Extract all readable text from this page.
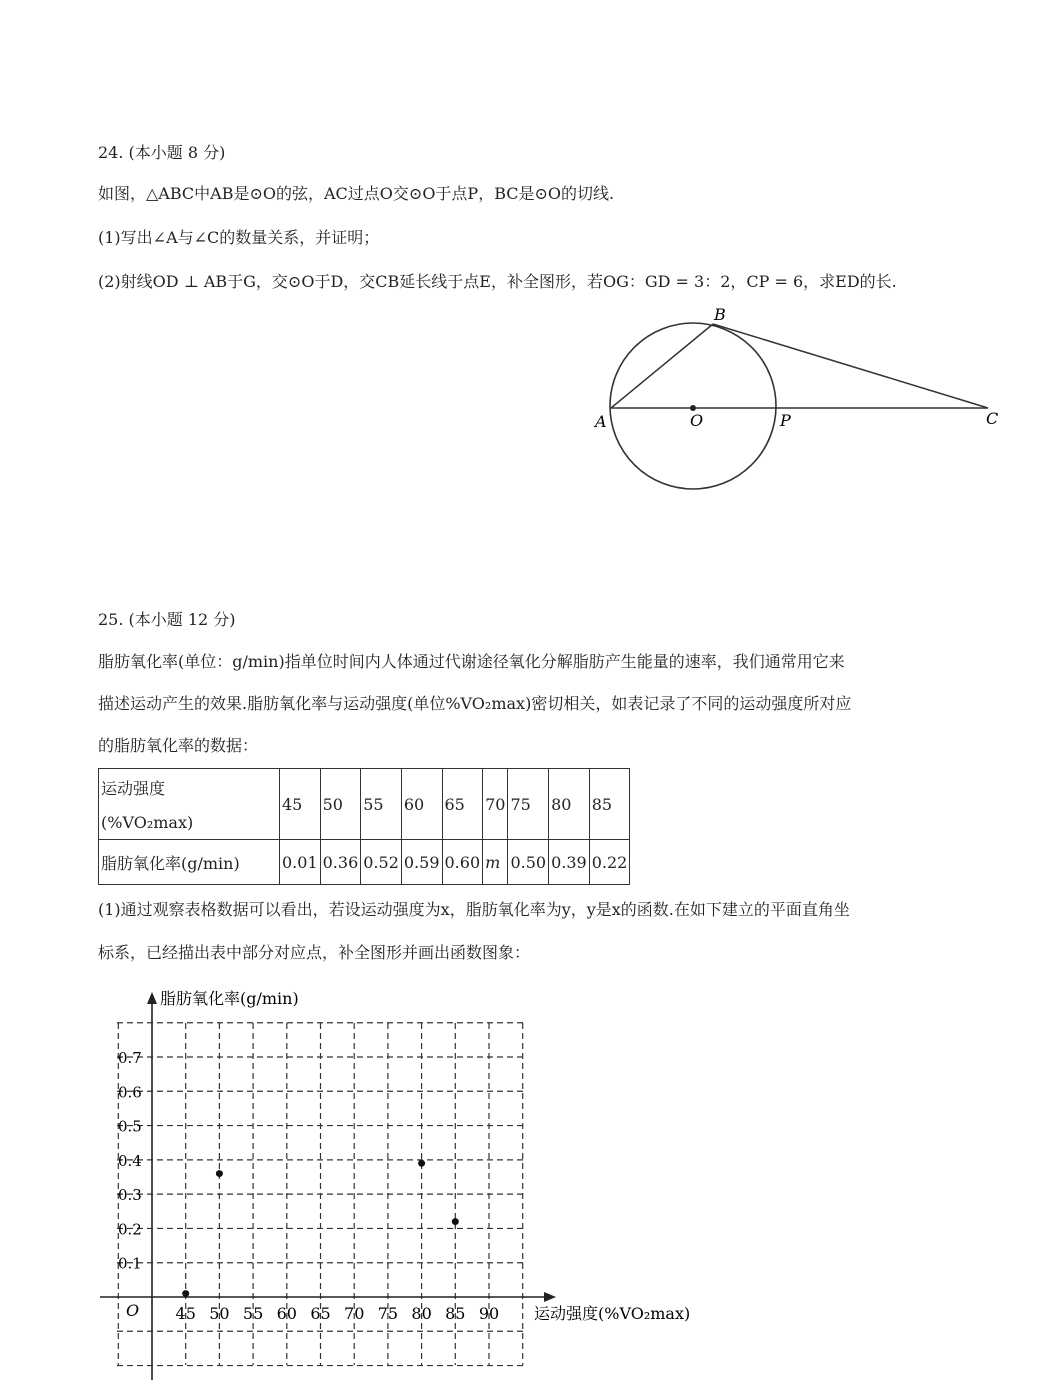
24. (本小题 8 分)
如图，△ABC中AB是⊙O的弦，AC过点O交⊙O于点P，BC是⊙O的切线.
(1)写出∠A与∠C的数量关系，并证明；
(2)射线OD ⊥ AB于G，交⊙O于D，交CB延长线于点E，补全图形，若OG：GD = 3：2，CP = 6，求ED的长.
A
B
O	P	C
25. (本小题 12 分)
脂肪氧化率(单位：g/min)指单位时间内人体通过代谢途径氧化分解脂肪产生能量的速率，我们通常用它来
描述运动产生的效果.脂肪氧化率与运动强度(单位%VO₂max)密切相关，如表记录了不同的运动强度所对应
的脂肪氧化率的数据：
运动强度
(%VO₂max)	45	50	55	60	65	70	75	80	85
脂肪氧化率(g/min)	0.01	0.36	0.52	0.59	0.60	m	0.50	0.39	0.22
(1)通过观察表格数据可以看出，若设运动强度为x，脂肪氧化率为y，y是x的函数.在如下建立的平面直角坐
标系，已经描出表中部分对应点，补全图形并画出函数图象：
脂肪氧化率(g/min)
运动强度(%VO₂max)
O 45 50 55 60 65 70 75 80 85 90
0.1
0.2
0.3
0.4
0.5
0.6
0.7
